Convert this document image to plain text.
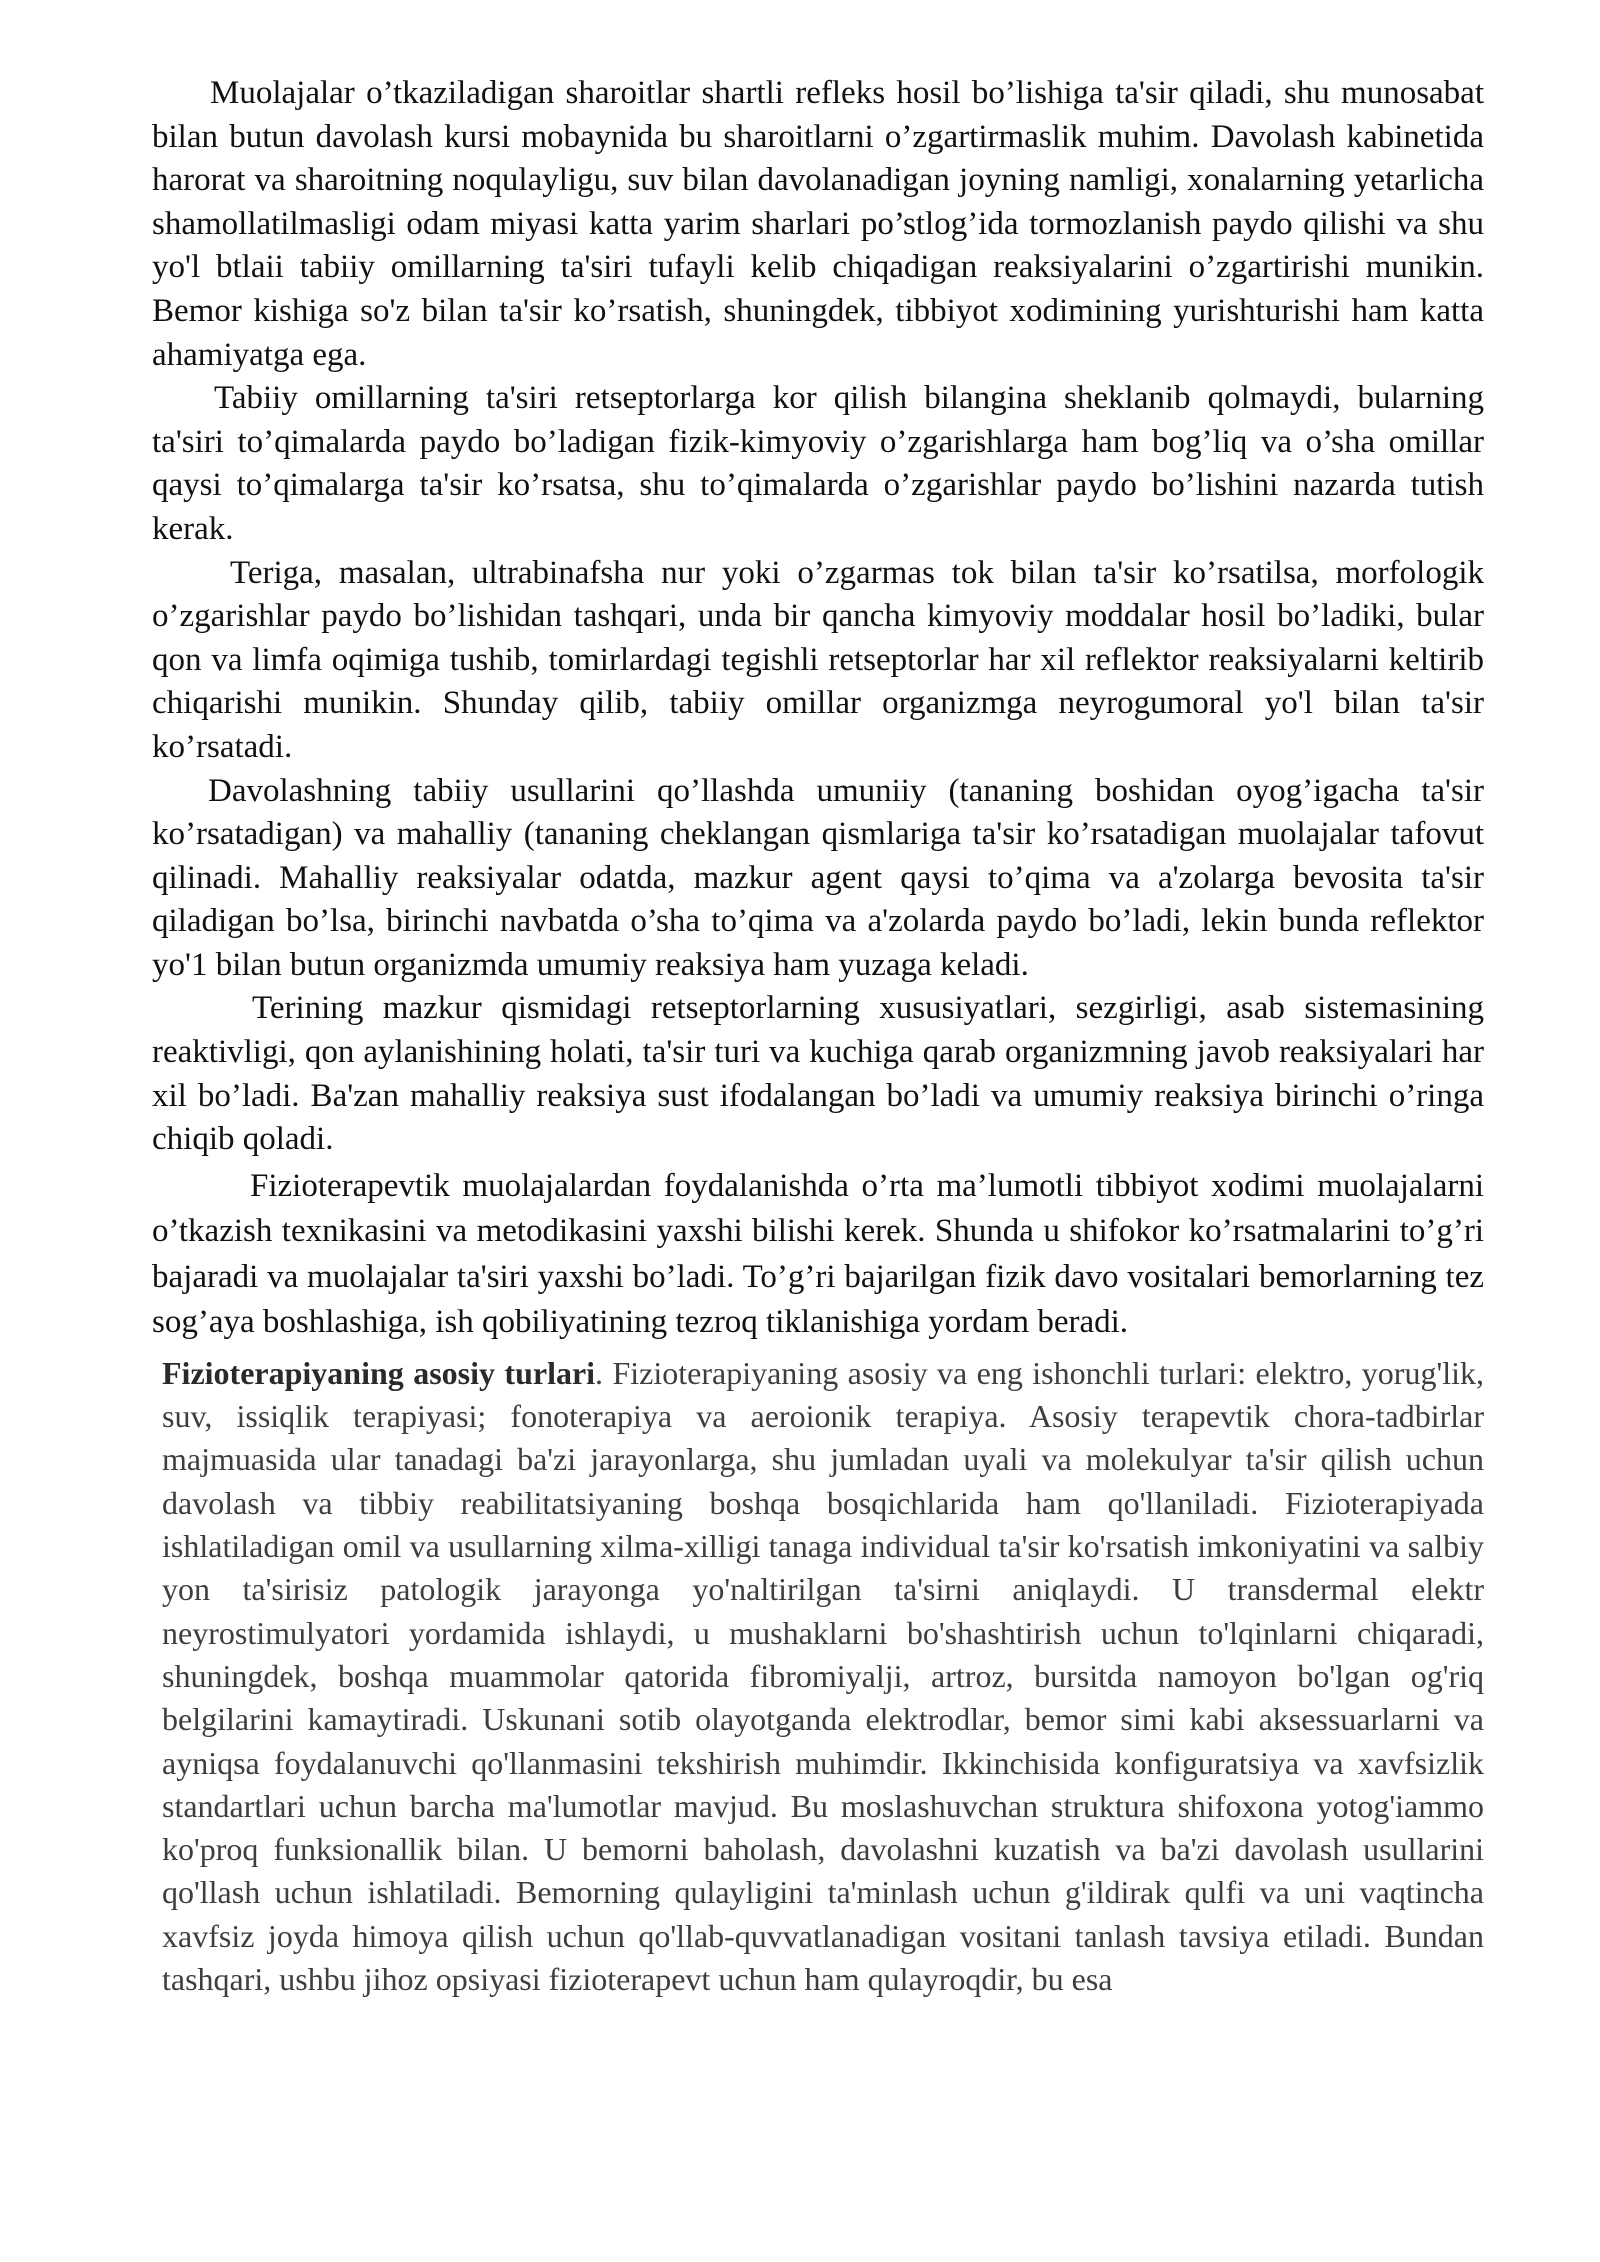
Muolajalar o’tkaziladigan sharoitlar shartli refleks hosil bo’lishiga ta'sir qiladi, shu munosabat bilan butun davolash kursi mobaynida bu sharoitlarni o’zgartirmaslik muhim. Davolash kabinetida harorat va sharoitning noqulayligu, suv bilan davolanadigan joyning namligi, xonalarning yetarlicha shamollatilmasligi odam miyasi katta yarim sharlari po’stlog’ida tormozlanish paydo qilishi va shu yo'l btlaii tabiiy omillarning ta'siri tufayli kelib chiqadigan reaksiyalarini o’zgartirishi munikin. Bemor kishiga so'z bilan ta'sir ko’rsatish, shuningdek, tibbiyot xodimining yurishturishi ham katta ahamiyatga ega.

Tabiiy omillarning ta'siri retseptorlarga kor qilish bilangina sheklanib qolmaydi, bularning ta'siri to’qimalarda paydo bo’ladigan fizik-kimyoviy o’zgarishlarga ham bog’liq va o’sha omillar qaysi to’qimalarga ta'sir ko’rsatsa, shu to’qimalarda o’zgarishlar paydo bo’lishini nazarda tutish kerak.

Teriga, masalan, ultrabinafsha nur yoki o’zgarmas tok bilan ta'sir ko’rsatilsa, morfologik o’zgarishlar paydo bo’lishidan tashqari, unda bir qancha kimyoviy moddalar hosil bo’ladiki, bular qon va limfa oqimiga tushib, tomirlardagi tegishli retseptorlar har xil reflektor reaksiyalarni keltirib chiqarishi munikin. Shunday qilib, tabiiy omillar organizmga neyrogumoral yo'l bilan ta'sir ko’rsatadi.

Davolashning tabiiy usullarini qo’llashda umuniiy (tananing boshidan oyog’igacha ta'sir ko’rsatadigan) va mahalliy (tananing cheklangan qismlariga ta'sir ko’rsatadigan muolajalar tafovut qilinadi. Mahalliy reaksiyalar odatda, mazkur agent qaysi to’qima va a'zolarga bevosita ta'sir qiladigan bo’lsa, birinchi navbatda o’sha to’qima va a'zolarda paydo bo’ladi, lekin bunda reflektor yo'1 bilan butun organizmda umumiy reaksiya ham yuzaga keladi.

Terining mazkur qismidagi retseptorlarning xususiyatlari, sezgirligi, asab sistemasining reaktivligi, qon aylanishining holati, ta'sir turi va kuchiga qarab organizmning javob reaksiyalari har xil bo’ladi. Ba'zan mahalliy reaksiya sust ifodalangan bo’ladi va umumiy reaksiya birinchi o’ringa chiqib qoladi.

Fizioterapevtik muolajalardan foydalanishda o’rta ma’lumotli tibbiyot xodimi muolajalarni o’tkazish texnikasini va metodikasini yaxshi bilishi kerek. Shunda u shifokor ko’rsatmalarini to’g’ri bajaradi va muolajalar ta'siri yaxshi bo’ladi. To’g’ri bajarilgan fizik davo vositalari bemorlarning tez sog’aya boshlashiga, ish qobiliyatining tezroq tiklanishiga yordam beradi.

Fizioterapiyaning asosiy turlari. Fizioterapiyaning asosiy va eng ishonchli turlari: elektro, yorug'lik, suv, issiqlik terapiyasi; fonoterapiya va aeroionik terapiya. Asosiy terapevtik chora-tadbirlar majmuasida ular tanadagi ba'zi jarayonlarga, shu jumladan uyali va molekulyar ta'sir qilish uchun davolash va tibbiy reabilitatsiyaning boshqa bosqichlarida ham qo'llaniladi. Fizioterapiyada ishlatiladigan omil va usullarning xilma-xilligi tanaga individual ta'sir ko'rsatish imkoniyatini va salbiy yon ta'sirisiz patologik jarayonga yo'naltirilgan ta'sirni aniqlaydi. U transdermal elektr neyrostimulyatori yordamida ishlaydi, u mushaklarni bo'shashtirish uchun to'lqinlarni chiqaradi, shuningdek, boshqa muammolar qatorida fibromiyalji, artroz, bursitda namoyon bo'lgan og'riq belgilarini kamaytiradi. Uskunani sotib olayotganda elektrodlar, bemor simi kabi aksessuarlarni va ayniqsa foydalanuvchi qo'llanmasini tekshirish muhimdir. Ikkinchisida konfiguratsiya va xavfsizlik standartlari uchun barcha ma'lumotlar mavjud. Bu moslashuvchan struktura shifoxona yotog'iammo ko'proq funksionallik bilan. U bemorni baholash, davolashni kuzatish va ba'zi davolash usullarini qo'llash uchun ishlatiladi. Bemorning qulayligini ta'minlash uchun g'ildirak qulfi va uni vaqtincha xavfsiz joyda himoya qilish uchun qo'llab-quvvatlanadigan vositani tanlash tavsiya etiladi. Bundan tashqari, ushbu jihoz opsiyasi fizioterapevt uchun ham qulayroqdir, bu esa
